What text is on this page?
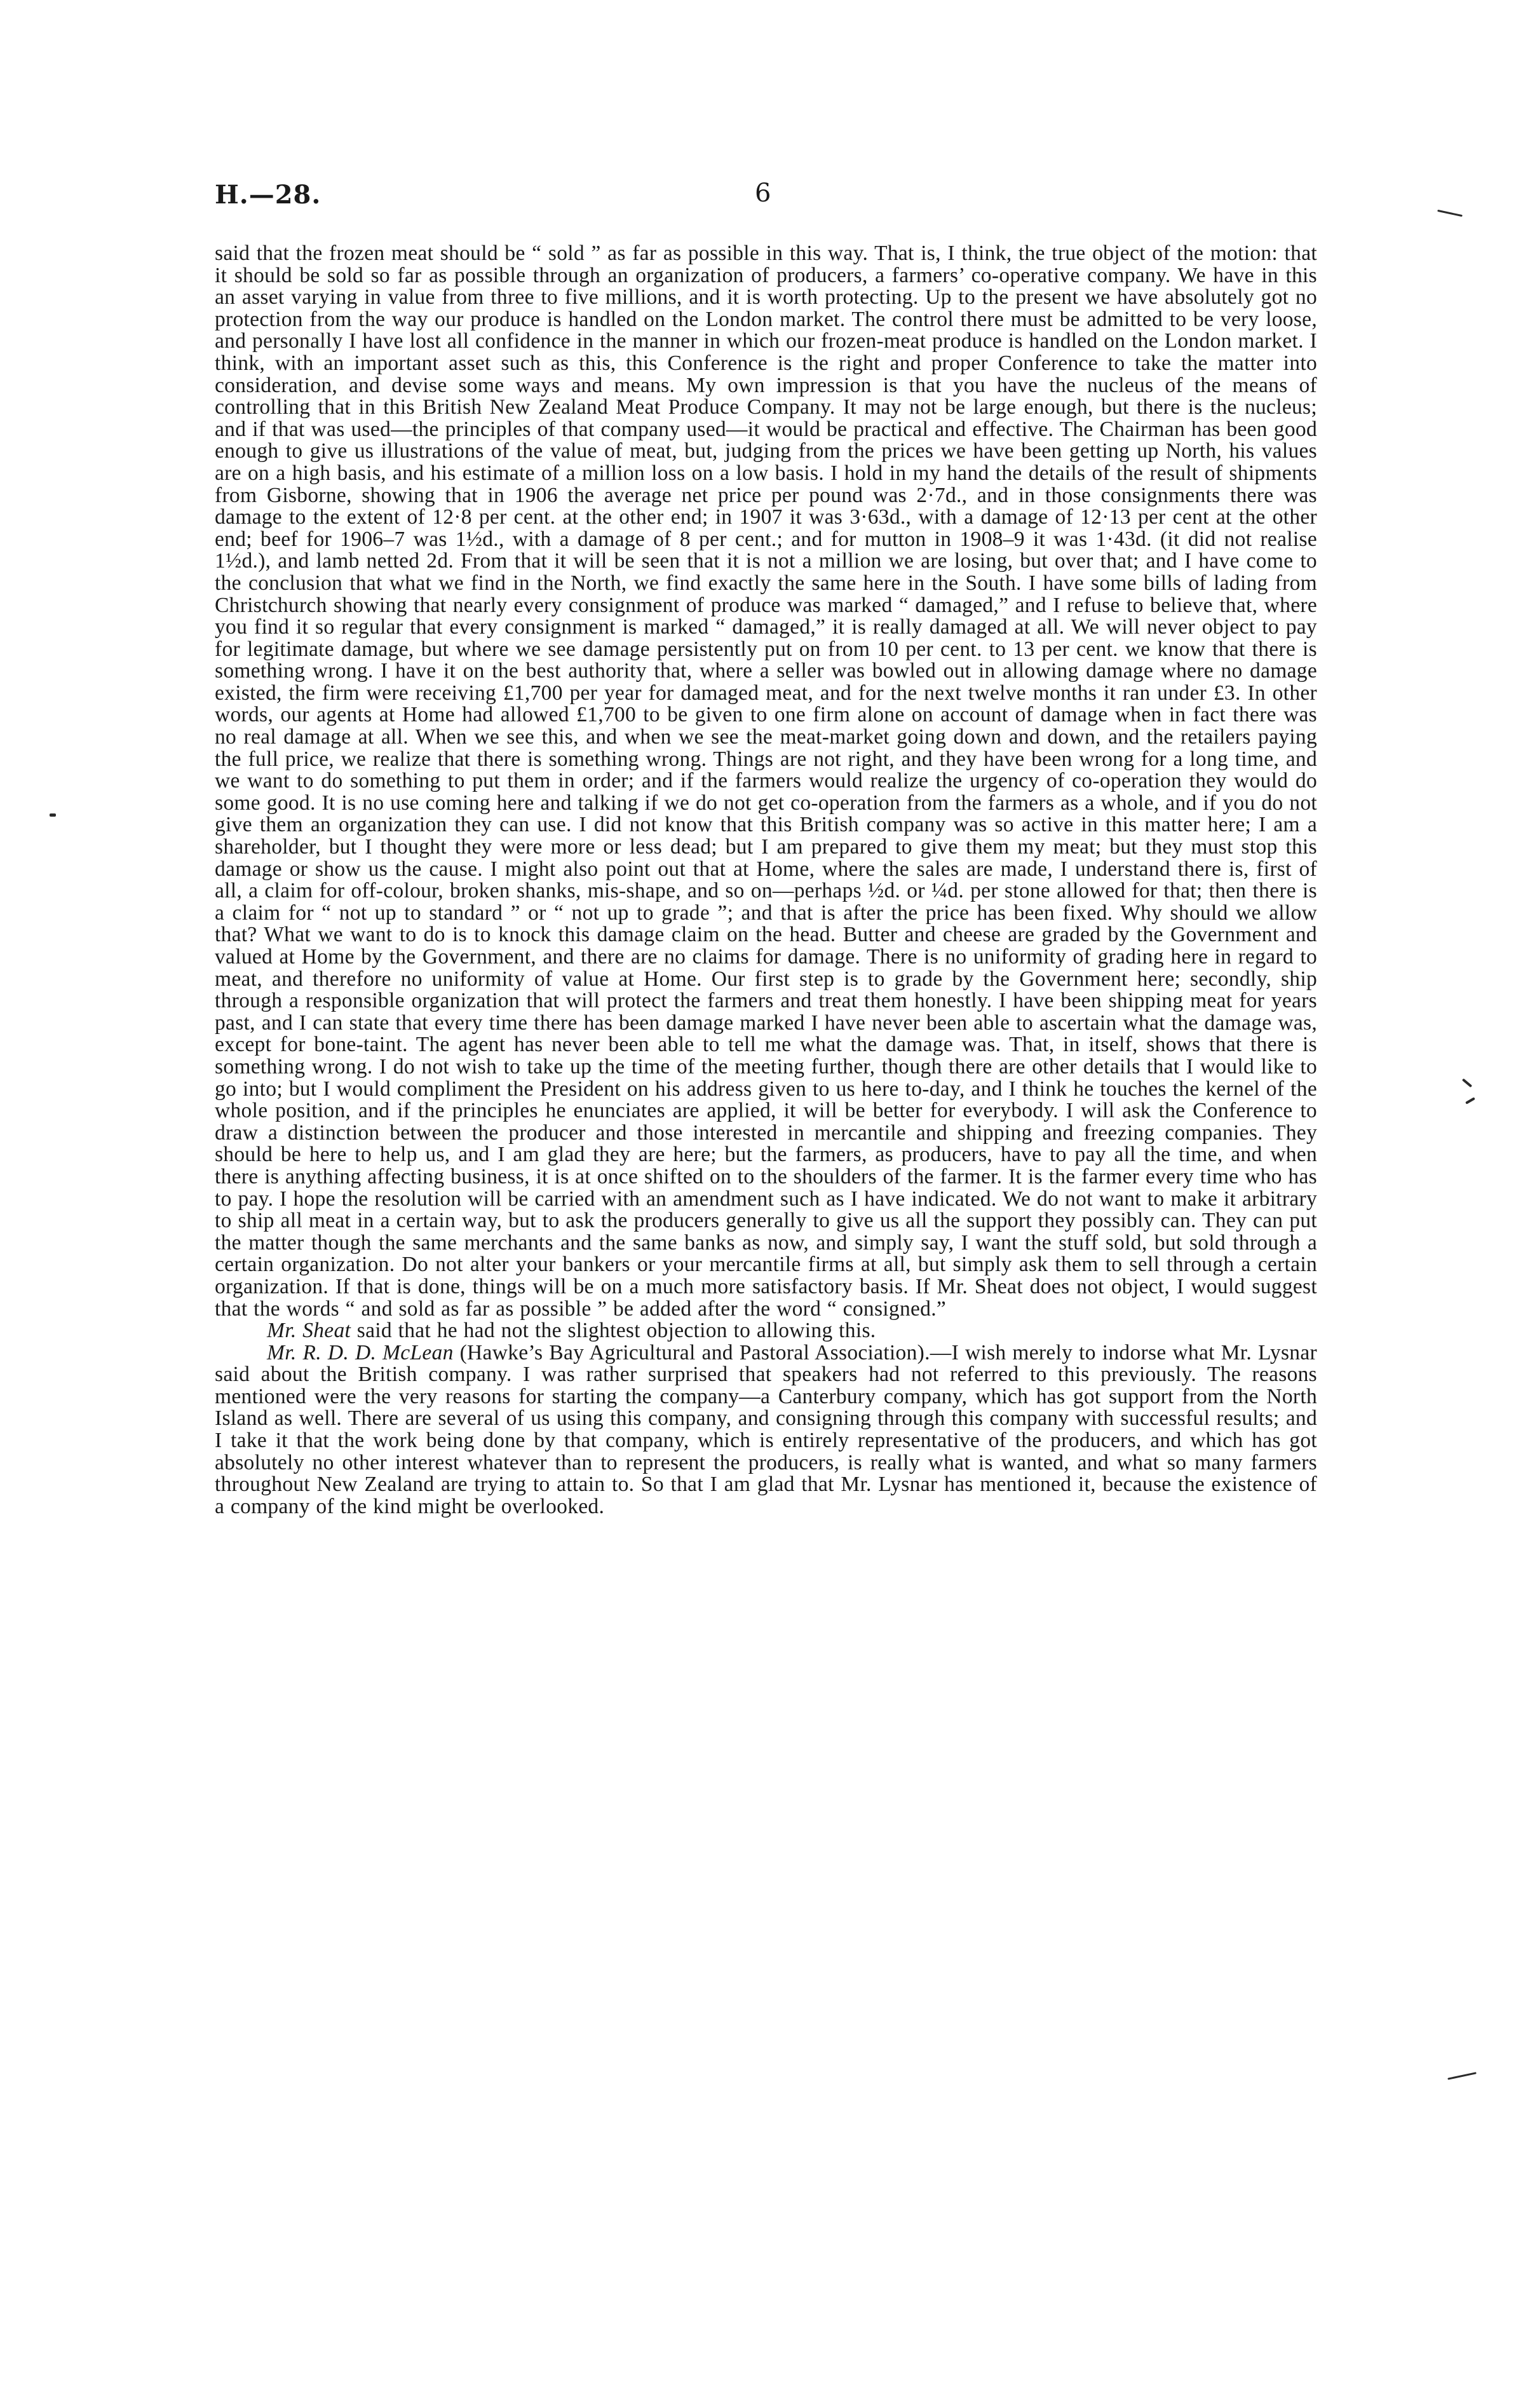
H.—28.	6

said that the frozen meat should be “ sold ” as far as possible in this way. That is, I think, the true object of the motion: that it should be sold so far as possible through an organization of producers, a farmers’ co-operative company. We have in this an asset varying in value from three to five millions, and it is worth protecting. Up to the present we have absolutely got no protection from the way our produce is handled on the London market. The control there must be admitted to be very loose, and personally I have lost all confidence in the manner in which our frozen-meat produce is handled on the London market. I think, with an important asset such as this, this Conference is the right and proper Conference to take the matter into consideration, and devise some ways and means. My own impression is that you have the nucleus of the means of controlling that in this British New Zealand Meat Produce Company. It may not be large enough, but there is the nucleus; and if that was used—the principles of that company used—it would be practical and effective. The Chairman has been good enough to give us illustrations of the value of meat, but, judging from the prices we have been getting up North, his values are on a high basis, and his estimate of a million loss on a low basis. I hold in my hand the details of the result of shipments from Gisborne, showing that in 1906 the average net price per pound was 2·7d., and in those consignments there was damage to the extent of 12·8 per cent. at the other end; in 1907 it was 3·63d., with a damage of 12·13 per cent at the other end; beef for 1906–7 was 1½d., with a damage of 8 per cent.; and for mutton in 1908–9 it was 1·43d. (it did not realise 1½d.), and lamb netted 2d. From that it will be seen that it is not a million we are losing, but over that; and I have come to the conclusion that what we find in the North, we find exactly the same here in the South. I have some bills of lading from Christchurch showing that nearly every consignment of produce was marked “ damaged,” and I refuse to believe that, where you find it so regular that every consignment is marked “ damaged,” it is really damaged at all. We will never object to pay for legitimate damage, but where we see damage persistently put on from 10 per cent. to 13 per cent. we know that there is something wrong. I have it on the best authority that, where a seller was bowled out in allowing damage where no damage existed, the firm were receiving £1,700 per year for damaged meat, and for the next twelve months it ran under £3. In other words, our agents at Home had allowed £1,700 to be given to one firm alone on account of damage when in fact there was no real damage at all. When we see this, and when we see the meat-market going down and down, and the retailers paying the full price, we realize that there is something wrong. Things are not right, and they have been wrong for a long time, and we want to do something to put them in order; and if the farmers would realize the urgency of co-operation they would do some good. It is no use coming here and talking if we do not get co-operation from the farmers as a whole, and if you do not give them an organization they can use. I did not know that this British company was so active in this matter here; I am a shareholder, but I thought they were more or less dead; but I am prepared to give them my meat; but they must stop this damage or show us the cause. I might also point out that at Home, where the sales are made, I understand there is, first of all, a claim for off-colour, broken shanks, mis-shape, and so on—perhaps ½d. or ¼d. per stone allowed for that; then there is a claim for “ not up to standard ” or “ not up to grade ”; and that is after the price has been fixed. Why should we allow that? What we want to do is to knock this damage claim on the head. Butter and cheese are graded by the Government and valued at Home by the Government, and there are no claims for damage. There is no uniformity of grading here in regard to meat, and therefore no uniformity of value at Home. Our first step is to grade by the Government here; secondly, ship through a responsible organization that will protect the farmers and treat them honestly. I have been shipping meat for years past, and I can state that every time there has been damage marked I have never been able to ascertain what the damage was, except for bone-taint. The agent has never been able to tell me what the damage was. That, in itself, shows that there is something wrong. I do not wish to take up the time of the meeting further, though there are other details that I would like to go into; but I would compliment the President on his address given to us here to-day, and I think he touches the kernel of the whole position, and if the principles he enunciates are applied, it will be better for everybody. I will ask the Conference to draw a distinction between the producer and those interested in mercantile and shipping and freezing companies. They should be here to help us, and I am glad they are here; but the farmers, as producers, have to pay all the time, and when there is anything affecting business, it is at once shifted on to the shoulders of the farmer. It is the farmer every time who has to pay. I hope the resolution will be carried with an amendment such as I have indicated. We do not want to make it arbitrary to ship all meat in a certain way, but to ask the producers generally to give us all the support they possibly can. They can put the matter though the same merchants and the same banks as now, and simply say, I want the stuff sold, but sold through a certain organization. Do not alter your bankers or your mercantile firms at all, but simply ask them to sell through a certain organization. If that is done, things will be on a much more satisfactory basis. If Mr. Sheat does not object, I would suggest that the words “ and sold as far as possible ” be added after the word “ consigned.”

Mr. Sheat said that he had not the slightest objection to allowing this.

Mr. R. D. D. McLean (Hawke’s Bay Agricultural and Pastoral Association).—I wish merely to indorse what Mr. Lysnar said about the British company. I was rather surprised that speakers had not referred to this previously. The reasons mentioned were the very reasons for starting the company—a Canterbury company, which has got support from the North Island as well. There are several of us using this company, and consigning through this company with successful results; and I take it that the work being done by that company, which is entirely representative of the producers, and which has got absolutely no other interest whatever than to represent the producers, is really what is wanted, and what so many farmers throughout New Zealand are trying to attain to. So that I am glad that Mr. Lysnar has mentioned it, because the existence of a company of the kind might be overlooked.
